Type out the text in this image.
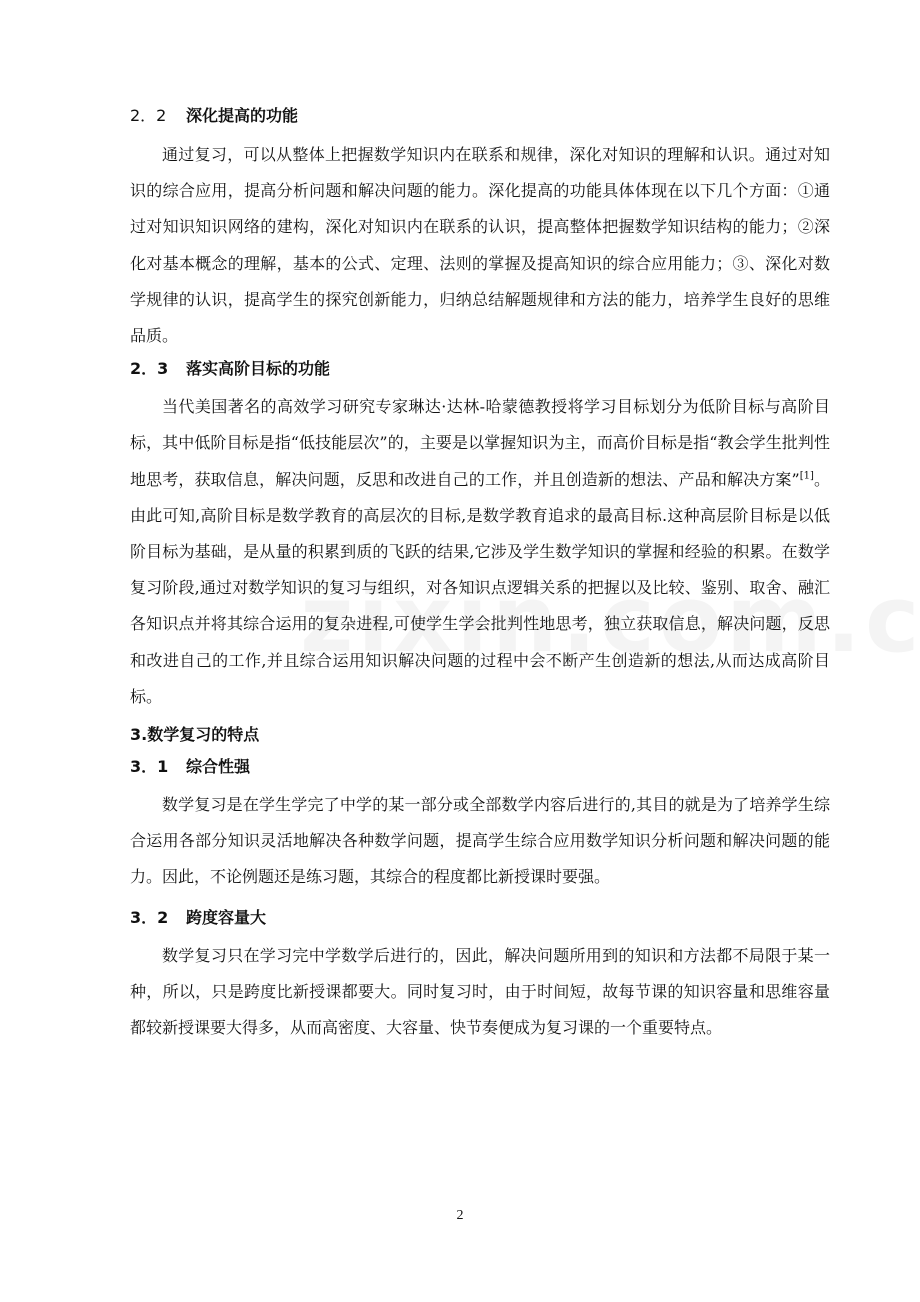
2．2 深化提高的功能

通过复习，可以从整体上把握数学知识内在联系和规律，深化对知识的理解和认识。通过对知识的综合应用，提高分析问题和解决问题的能力。深化提高的功能具体体现在以下几个方面：①通过对知识知识网络的建构，深化对知识内在联系的认识，提高整体把握数学知识结构的能力；②深化对基本概念的理解，基本的公式、定理、法则的掌握及提高知识的综合应用能力；③、深化对数学规律的认识，提高学生的探究创新能力，归纳总结解题规律和方法的能力，培养学生良好的思维品质。

2．3 落实高阶目标的功能

当代美国著名的高效学习研究专家琳达·达林-哈蒙德教授将学习目标划分为低阶目标与高阶目标，其中低阶目标是指“低技能层次”的，主要是以掌握知识为主，而高价目标是指“教会学生批判性地思考，获取信息，解决问题，反思和改进自己的工作，并且创造新的想法、产品和解决方案”[1]。由此可知,高阶目标是数学教育的高层次的目标,是数学教育追求的最高目标.这种高层阶目标是以低阶目标为基础，是从量的积累到质的飞跃的结果,它涉及学生数学知识的掌握和经验的积累。在数学复习阶段,通过对数学知识的复习与组织，对各知识点逻辑关系的把握以及比较、鉴别、取舍、融汇各知识点并将其综合运用的复杂进程,可使学生学会批判性地思考，独立获取信息，解决问题，反思和改进自己的工作,并且综合运用知识解决问题的过程中会不断产生创造新的想法,从而达成高阶目标。

3.数学复习的特点

3．1 综合性强

数学复习是在学生学完了中学的某一部分或全部数学内容后进行的,其目的就是为了培养学生综合运用各部分知识灵活地解决各种数学问题，提高学生综合应用数学知识分析问题和解决问题的能力。因此，不论例题还是练习题，其综合的程度都比新授课时要强。

3．2 跨度容量大

数学复习只在学习完中学数学后进行的，因此，解决问题所用到的知识和方法都不局限于某一种，所以，只是跨度比新授课都要大。同时复习时，由于时间短，故每节课的知识容量和思维容量都较新授课要大得多，从而高密度、大容量、快节奏便成为复习课的一个重要特点。

2
